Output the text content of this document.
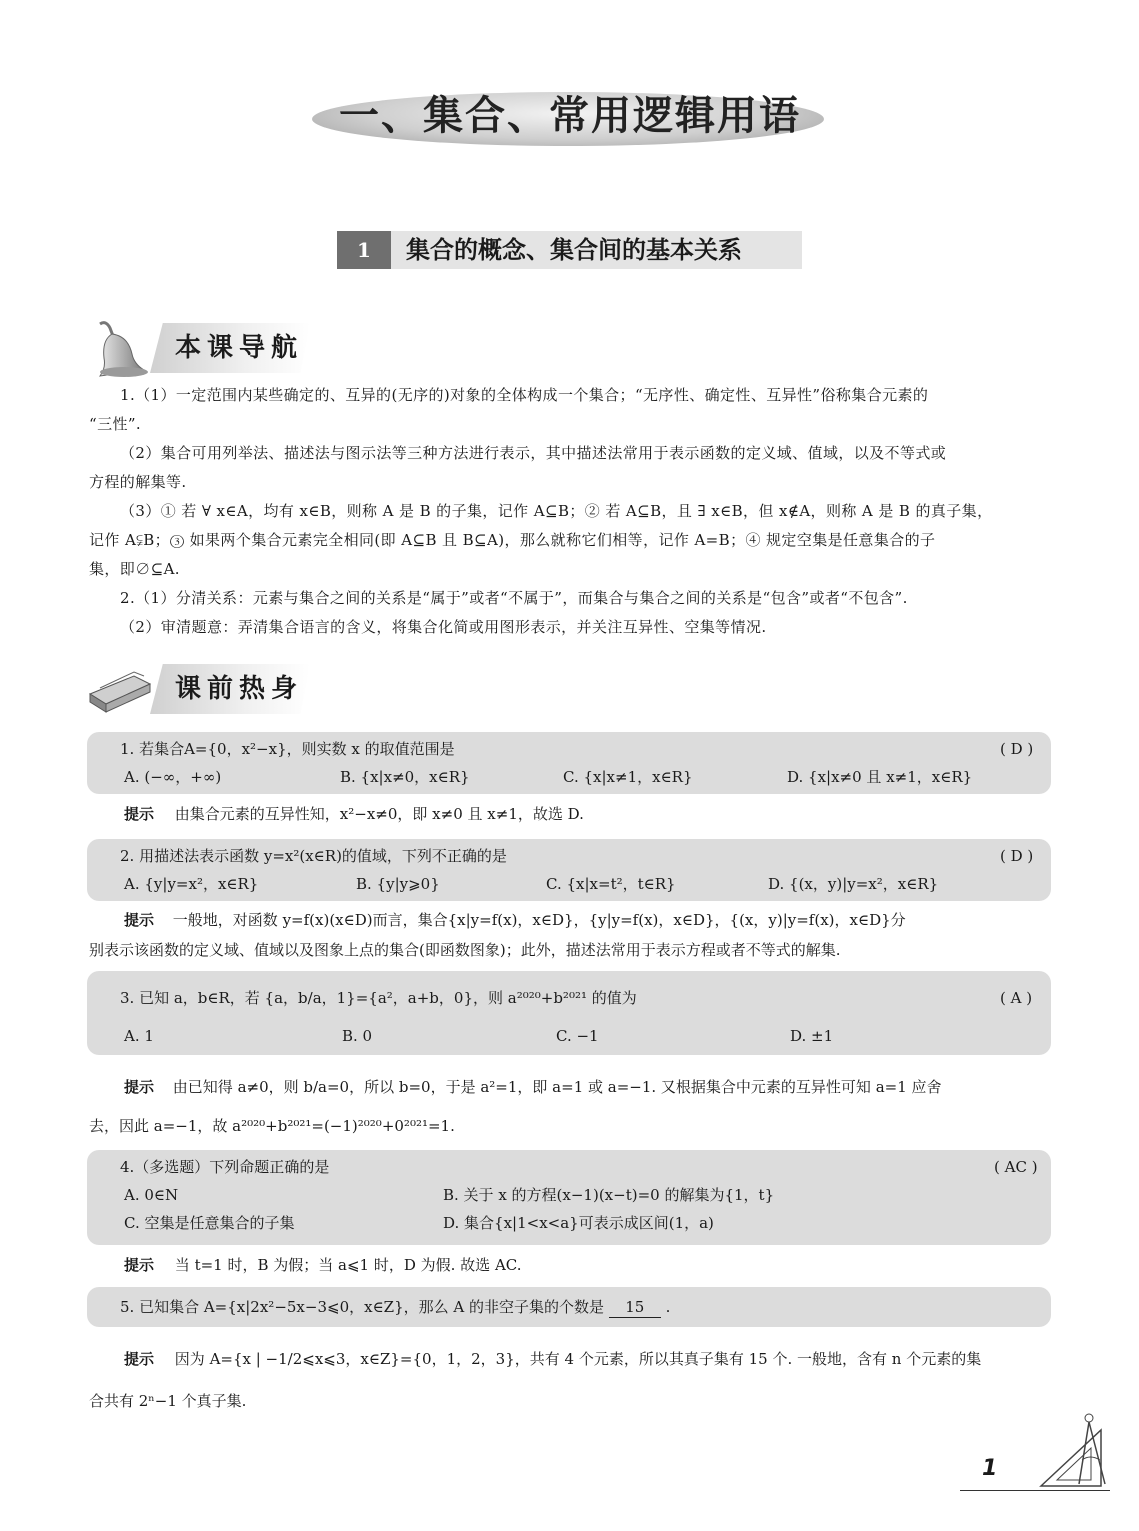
一、集合、常用逻辑用语
1	集合的概念、集合间的基本关系
本课导航
1.（1）一定范围内某些确定的、互异的(无序的)对象的全体构成一个集合；“无序性、确定性、互异性”俗称集合元素的
“三性”.
（2）集合可用列举法、描述法与图示法等三种方法进行表示，其中描述法常用于表示函数的定义域、值域，以及不等式或
方程的解集等.
（3）① 若 ∀ x∈A，均有 x∈B，则称 A 是 B 的子集，记作 A⊆B；② 若 A⊆B，且 ∃ x∈B，但 x∉A，则称 A 是 B 的真子集，
记作 A⫋B；③ 如果两个集合元素完全相同(即 A⊆B 且 B⊆A)，那么就称它们相等，记作 A=B；④ 规定空集是任意集合的子
集，即∅⊆A.
2.（1）分清关系：元素与集合之间的关系是“属于”或者“不属于”，而集合与集合之间的关系是“包含”或者“不包含”.
（2）审清题意：弄清集合语言的含义，将集合化简或用图形表示，并关注互异性、空集等情况.
课前热身
1. 若集合A={0，x²−x}，则实数 x 的取值范围是	( D )
A. (−∞，+∞)	B. {x|x≠0，x∈R}	C. {x|x≠1，x∈R}	D. {x|x≠0 且 x≠1，x∈R}
提示 由集合元素的互异性知，x²−x≠0，即 x≠0 且 x≠1，故选 D.
2. 用描述法表示函数 y=x²(x∈R)的值域，下列不正确的是	( D )
A. {y|y=x²，x∈R}	B. {y|y⩾0}	C. {x|x=t²，t∈R}	D. {(x，y)|y=x²，x∈R}
提示 一般地，对函数 y=f(x)(x∈D)而言，集合{x|y=f(x)，x∈D}，{y|y=f(x)，x∈D}，{(x，y)|y=f(x)，x∈D}分
别表示该函数的定义域、值域以及图象上点的集合(即函数图象)；此外，描述法常用于表示方程或者不等式的解集.
3. 已知 a，b∈R，若 {a，b/a，1}={a²，a+b，0}，则 a²⁰²⁰+b²⁰²¹ 的值为	( A )
A. 1	B. 0	C. −1	D. ±1
提示 由已知得 a≠0，则 b/a=0，所以 b=0，于是 a²=1，即 a=1 或 a=−1. 又根据集合中元素的互异性可知 a=1 应舍
去，因此 a=−1，故 a²⁰²⁰+b²⁰²¹=(−1)²⁰²⁰+0²⁰²¹=1.
4.（多选题）下列命题正确的是	( AC )
A. 0∈N	B. 关于 x 的方程(x−1)(x−t)=0 的解集为{1，t}
C. 空集是任意集合的子集	D. 集合{x|1<x<a}可表示成区间(1，a)
提示 当 t=1 时，B 为假；当 a⩽1 时，D 为假. 故选 AC.
5. 已知集合 A={x|2x²−5x−3⩽0，x∈Z}，那么 A 的非空子集的个数是 15 .
提示 因为 A={x | −1/2⩽x⩽3，x∈Z}={0，1，2，3}，共有 4 个元素，所以其真子集有 15 个. 一般地，含有 n 个元素的集
合共有 2ⁿ−1 个真子集.
1
